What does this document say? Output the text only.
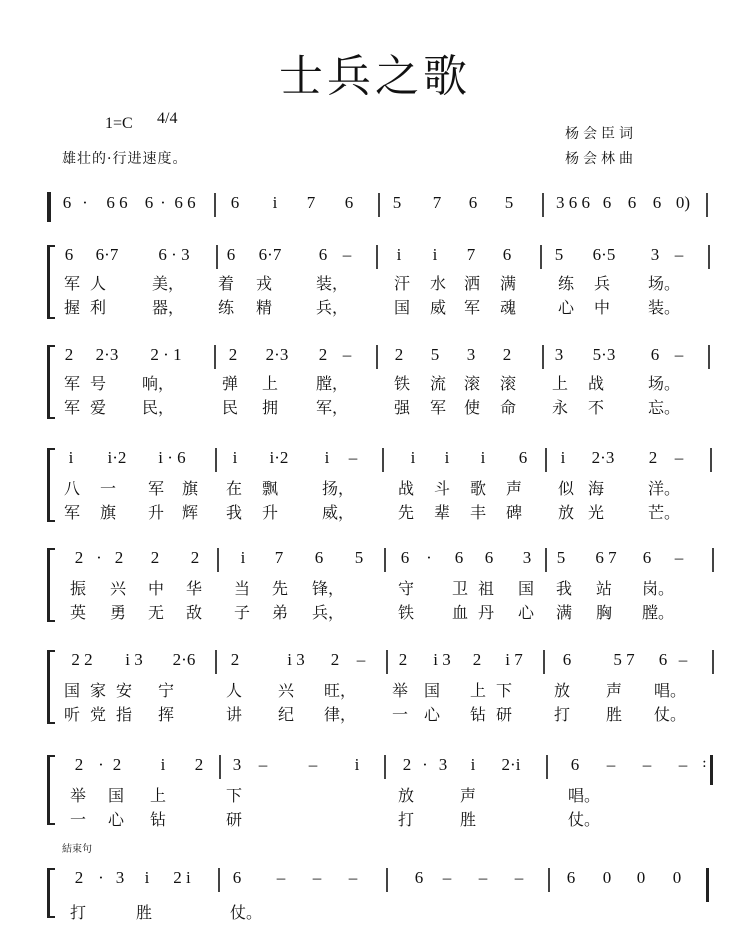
士兵之歌
1=C 4/4
雄壮的·行进速度。
杨会臣词
杨会林曲
6 · 6 6 6 · 6 6 6 i 7 6 5 7 6 5	3 6 6 6 6 6 0)
6 6·7	6 · 3	6	6·7	6 –	i i 7 6	5 6·5 3 –
军 人	美， 着 戎	装，	汗 水 洒 满	练 兵 场。
握 利	器， 练 精	兵，	国 威 军 魂	心 中 装。
2 2·3	2 · 1	2 2·3 2 –	2 5 3 2	3 5·3 6 –
军 号 响，	弹 上 膛，	铁 流 滚 滚 上 战	场。
军 爱 民，	民 拥 军，	强 军 使 命 永 不	忘。
i	i·2	i · 6	i	i·2	i –	i i i 6 i	2·3	2 –
八 一 军 旗 在 飘	扬，	战 斗 歌 声 似 海	洋。
军 旗 升 辉 我 升	威，	先 辈 丰 碑 放 光	芒。
2 · 2 2 2 i 7 6 5 6 · 6 6 3 5	6 7	6 –
振 兴 中 华 当 先 锋，	守 卫 祖 国 我 站 岗。
英 勇 无 敌 子 弟 兵，	铁 血 丹 心 满 胸 膛。
2 2	i 3	2·6	2	i 3	2 – 2	i 3	2	i 7	6	5 7	6 –
国 家 安 宁	人 兴 旺， 举 国 上 下	放 声 唱。
听 党 指 挥	讲 纪 律， 一 心 钻 研	打 胜 仗。
2 · 2 i 2 3 – – i	2 · 3 i	2·i	6 – – – :
举 国 上	下	放	声	唱。
一 心 钻	研	打	胜	仗。
結束句
2 · 3 i	2 i	6 – – –	6 – – –	6 0 0 0
打	胜	仗。
